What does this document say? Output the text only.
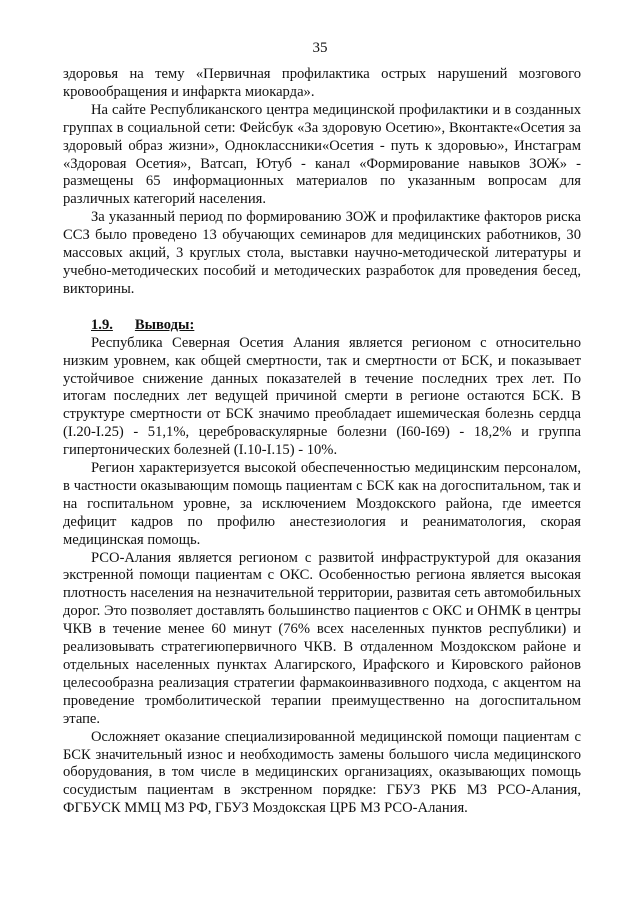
35

здоровья на тему «Первичная профилактика острых нарушений мозгового кровообращения и инфаркта миокарда».

На сайте Республиканского центра медицинской профилактики и в созданных группах в социальной сети: Фейсбук «За здоровую Осетию», Вконтакте«Осетия за здоровый образ жизни», Одноклассники«Осетия - путь к здоровью», Инстаграм «Здоровая Осетия», Ватсап, Ютуб - канал «Формирование навыков ЗОЖ» - размещены 65 информационных материалов по указанным вопросам для различных категорий населения.

За указанный период по формированию ЗОЖ и профилактике факторов риска ССЗ было проведено 13 обучающих семинаров для медицинских работников, 30 массовых акций, 3 круглых стола, выставки научно-методической литературы и учебно-методических пособий и методических разработок для проведения бесед, викторины.

1.9. Выводы:

Республика Северная Осетия Алания является регионом с относительно низким уровнем, как общей смертности, так и смертности от БСК, и показывает устойчивое снижение данных показателей в течение последних трех лет. По итогам последних лет ведущей причиной смерти в регионе остаются БСК. В структуре смертности от БСК значимо преобладает ишемическая болезнь сердца (I.20-I.25) - 51,1%, цереброваскулярные болезни (I60-I69) - 18,2% и группа гипертонических болезней (I.10-I.15) - 10%.

Регион характеризуется высокой обеспеченностью медицинским персоналом, в частности оказывающим помощь пациентам с БСК как на догоспитальном, так и на госпитальном уровне, за исключением Моздокского района, где имеется дефицит кадров по профилю анестезиология и реаниматология, скорая медицинская помощь.

РСО-Алания является регионом с развитой инфраструктурой для оказания экстренной помощи пациентам с ОКС. Особенностью региона является высокая плотность населения на незначительной территории, развитая сеть автомобильных дорог. Это позволяет доставлять большинство пациентов с ОКС и ОНМК в центры ЧКВ в течение менее 60 минут (76% всех населенных пунктов республики) и реализовывать стратегиюпервичного ЧКВ. В отдаленном Моздокском районе и отдельных населенных пунктах Алагирского, Ирафского и Кировского районов целесообразна реализация стратегии фармакоинвазивного подхода, с акцентом на проведение тромболитической терапии преимущественно на догоспитальном этапе.

Осложняет оказание специализированной медицинской помощи пациентам с БСК значительный износ и необходимость замены большого числа медицинского оборудования, в том числе в медицинских организациях, оказывающих помощь сосудистым пациентам в экстренном порядке: ГБУЗ РКБ МЗ РСО-Алания, ФГБУСК ММЦ МЗ РФ, ГБУЗ Моздокская ЦРБ МЗ РСО-Алания.
